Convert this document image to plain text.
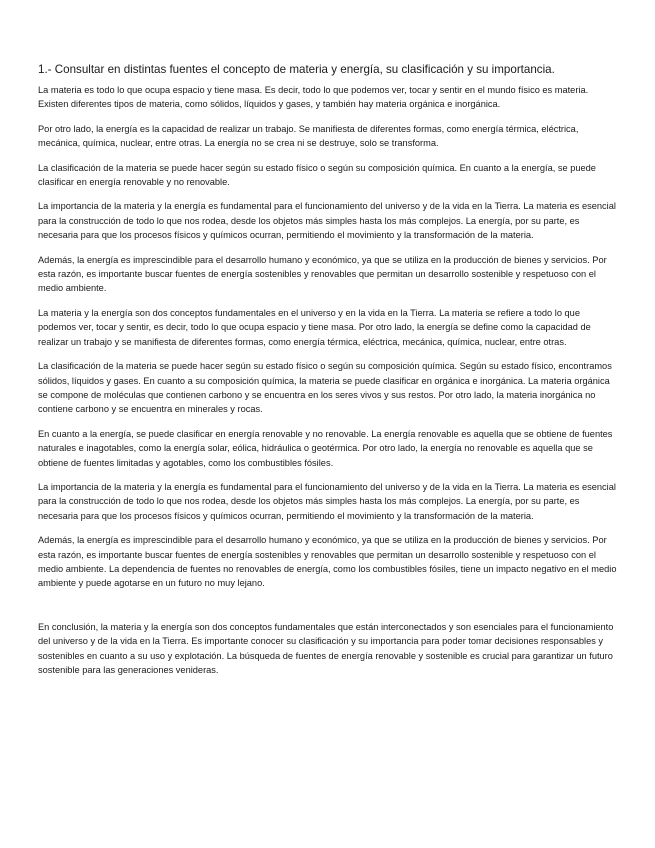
1.- Consultar en distintas fuentes el concepto de materia y energía, su clasificación y su importancia.

La materia es todo lo que ocupa espacio y tiene masa. Es decir, todo lo que podemos ver, tocar y sentir en el mundo físico es materia. Existen diferentes tipos de materia, como sólidos, líquidos y gases, y también hay materia orgánica e inorgánica.

Por otro lado, la energía es la capacidad de realizar un trabajo. Se manifiesta de diferentes formas, como energía térmica, eléctrica, mecánica, química, nuclear, entre otras. La energía no se crea ni se destruye, solo se transforma.

La clasificación de la materia se puede hacer según su estado físico o según su composición química. En cuanto a la energía, se puede clasificar en energía renovable y no renovable.

La importancia de la materia y la energía es fundamental para el funcionamiento del universo y de la vida en la Tierra. La materia es esencial para la construcción de todo lo que nos rodea, desde los objetos más simples hasta los más complejos. La energía, por su parte, es necesaria para que los procesos físicos y químicos ocurran, permitiendo el movimiento y la transformación de la materia.

Además, la energía es imprescindible para el desarrollo humano y económico, ya que se utiliza en la producción de bienes y servicios. Por esta razón, es importante buscar fuentes de energía sostenibles y renovables que permitan un desarrollo sostenible y respetuoso con el medio ambiente.

La materia y la energía son dos conceptos fundamentales en el universo y en la vida en la Tierra. La materia se refiere a todo lo que podemos ver, tocar y sentir, es decir, todo lo que ocupa espacio y tiene masa. Por otro lado, la energía se define como la capacidad de realizar un trabajo y se manifiesta de diferentes formas, como energía térmica, eléctrica, mecánica, química, nuclear, entre otras.

La clasificación de la materia se puede hacer según su estado físico o según su composición química. Según su estado físico, encontramos sólidos, líquidos y gases. En cuanto a su composición química, la materia se puede clasificar en orgánica e inorgánica. La materia orgánica se compone de moléculas que contienen carbono y se encuentra en los seres vivos y sus restos. Por otro lado, la materia inorgánica no contiene carbono y se encuentra en minerales y rocas.

En cuanto a la energía, se puede clasificar en energía renovable y no renovable. La energía renovable es aquella que se obtiene de fuentes naturales e inagotables, como la energía solar, eólica, hidráulica o geotérmica. Por otro lado, la energía no renovable es aquella que se obtiene de fuentes limitadas y agotables, como los combustibles fósiles.

La importancia de la materia y la energía es fundamental para el funcionamiento del universo y de la vida en la Tierra. La materia es esencial para la construcción de todo lo que nos rodea, desde los objetos más simples hasta los más complejos. La energía, por su parte, es necesaria para que los procesos físicos y químicos ocurran, permitiendo el movimiento y la transformación de la materia.

Además, la energía es imprescindible para el desarrollo humano y económico, ya que se utiliza en la producción de bienes y servicios. Por esta razón, es importante buscar fuentes de energía sostenibles y renovables que permitan un desarrollo sostenible y respetuoso con el medio ambiente. La dependencia de fuentes no renovables de energía, como los combustibles fósiles, tiene un impacto negativo en el medio ambiente y puede agotarse en un futuro no muy lejano.

En conclusión, la materia y la energía son dos conceptos fundamentales que están interconectados y son esenciales para el funcionamiento del universo y de la vida en la Tierra. Es importante conocer su clasificación y su importancia para poder tomar decisiones responsables y sostenibles en cuanto a su uso y explotación. La búsqueda de fuentes de energía renovable y sostenible es crucial para garantizar un futuro sostenible para las generaciones venideras.
